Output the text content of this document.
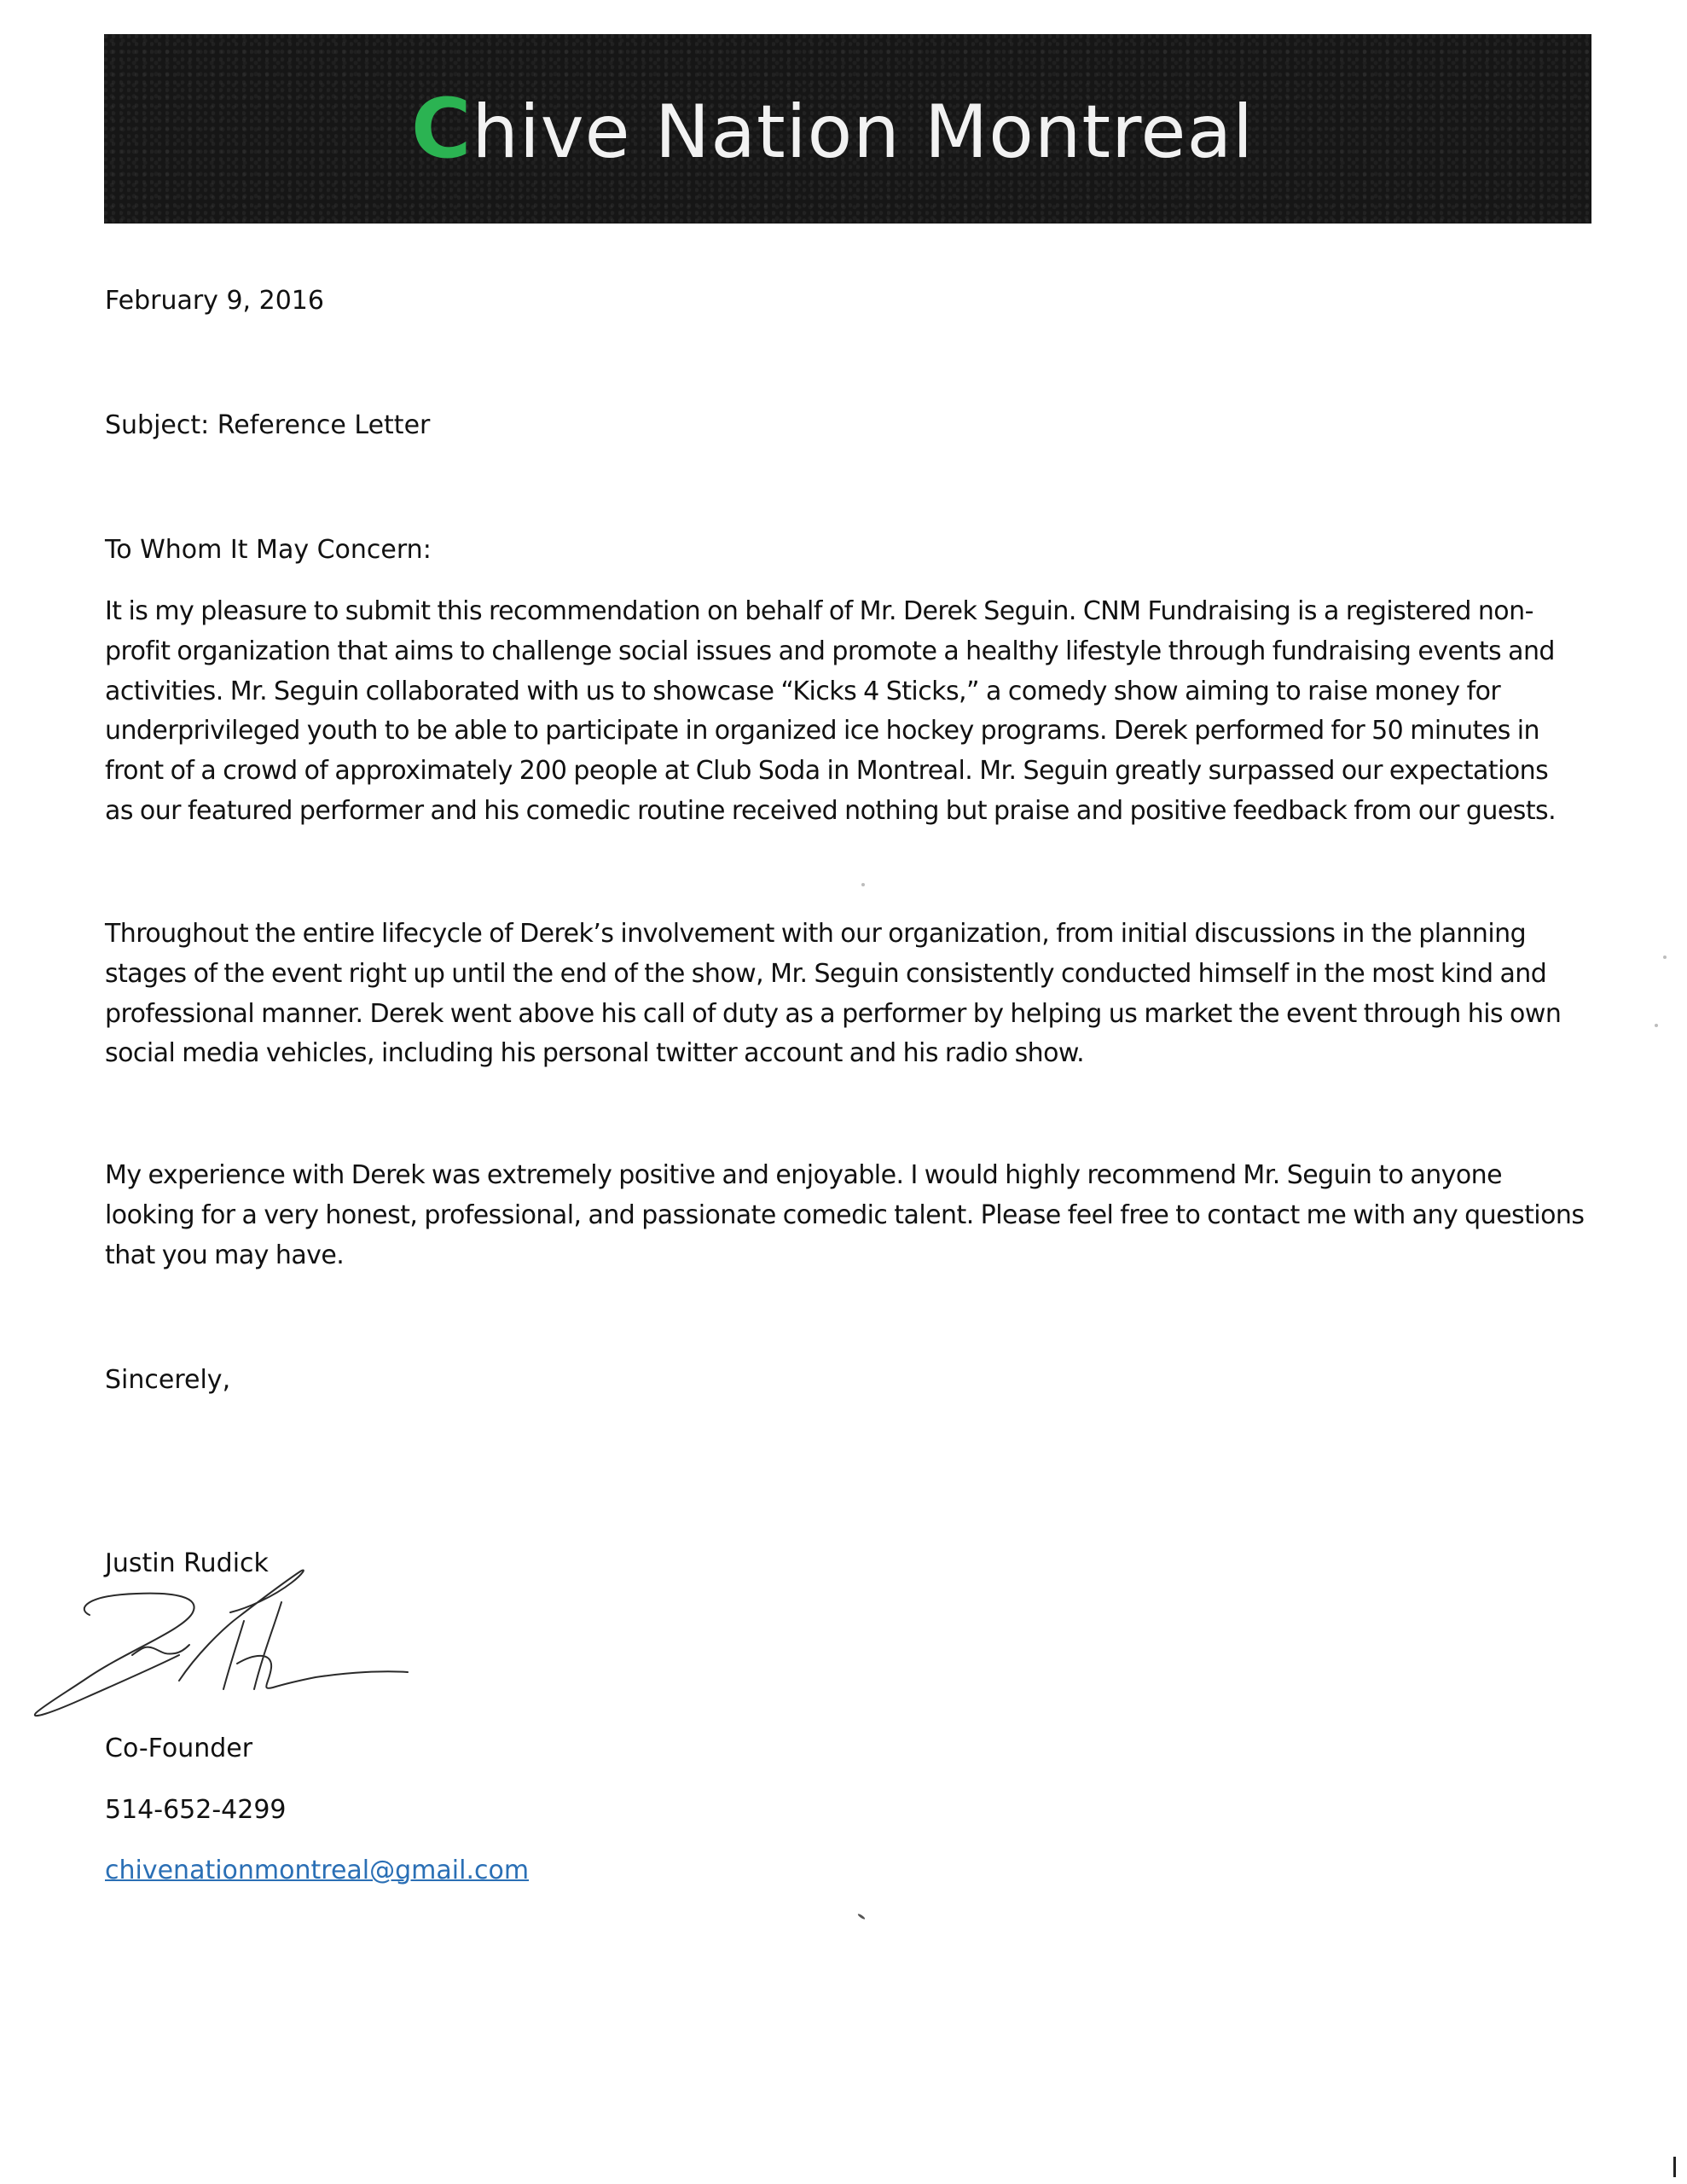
Chive Nation Montreal
February 9, 2016
Subject: Reference Letter
To Whom It May Concern:
It is my pleasure to submit this recommendation on behalf of Mr. Derek Seguin. CNM Fundraising is a registered non-
profit organization that aims to challenge social issues and promote a healthy lifestyle through fundraising events and
activities. Mr. Seguin collaborated with us to showcase “Kicks 4 Sticks,” a comedy show aiming to raise money for
underprivileged youth to be able to participate in organized ice hockey programs. Derek performed for 50 minutes in
front of a crowd of approximately 200 people at Club Soda in Montreal. Mr. Seguin greatly surpassed our expectations
as our featured performer and his comedic routine received nothing but praise and positive feedback from our guests.
Throughout the entire lifecycle of Derek’s involvement with our organization, from initial discussions in the planning
stages of the event right up until the end of the show, Mr. Seguin consistently conducted himself in the most kind and
professional manner. Derek went above his call of duty as a performer by helping us market the event through his own
social media vehicles, including his personal twitter account and his radio show.
My experience with Derek was extremely positive and enjoyable. I would highly recommend Mr. Seguin to anyone
looking for a very honest, professional, and passionate comedic talent. Please feel free to contact me with any questions
that you may have.
Sincerely,
Justin Rudick
Co-Founder
514-652-4299
chivenationmontreal@gmail.com
